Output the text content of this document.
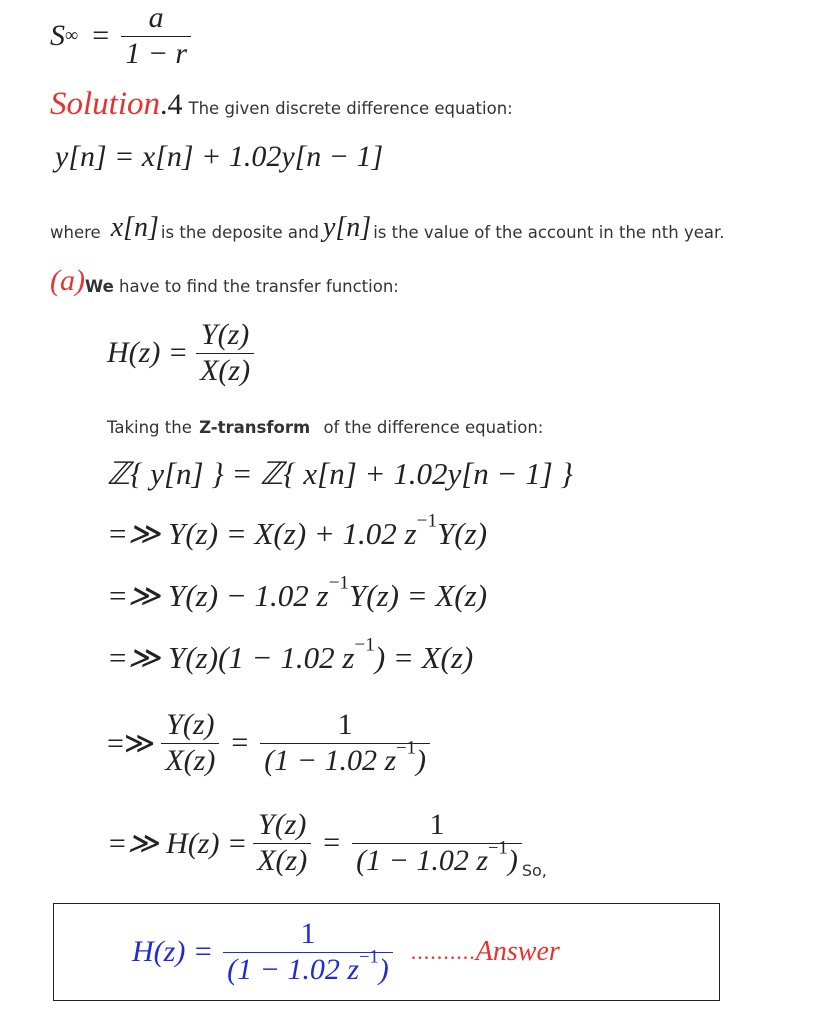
S ∞ = $\frac{a}{1 - r}$
Solution .4 The given discrete difference equation:
y[n] = x[n] + 1.02y[n − 1]
where x[n] is the deposite and y[n] is the value of the account in the nth year.
(a) We have to find the transfer function:
$H(z) = \frac{Y(z)}{X(z)}$
Taking the Z-transform of the difference equation:
ℤ{ y[n] } = ℤ{ x[n] + 1.02y[n − 1] }
=≫ Y(z) = X(z) + 1.02 $z^{-1}Y(z)$
=≫ Y(z) − 1.02 $z^{-1}Y(z) = X(z)$
=≫ Y(z)(1 − 1.02 $z^{-1}) = X(z)$
=≫ $\frac{Y(z)}{X(z)} = \frac{1}{(1 - 1.02 z^{-1})}$
=≫ $H(z) = \frac{Y(z)}{X(z)} = \frac{1}{(1 - 1.02 z^{-1})} So$,
$H(z) = \frac{1}{(1 - 1.02 z^{-1})}$ .......... Answer
